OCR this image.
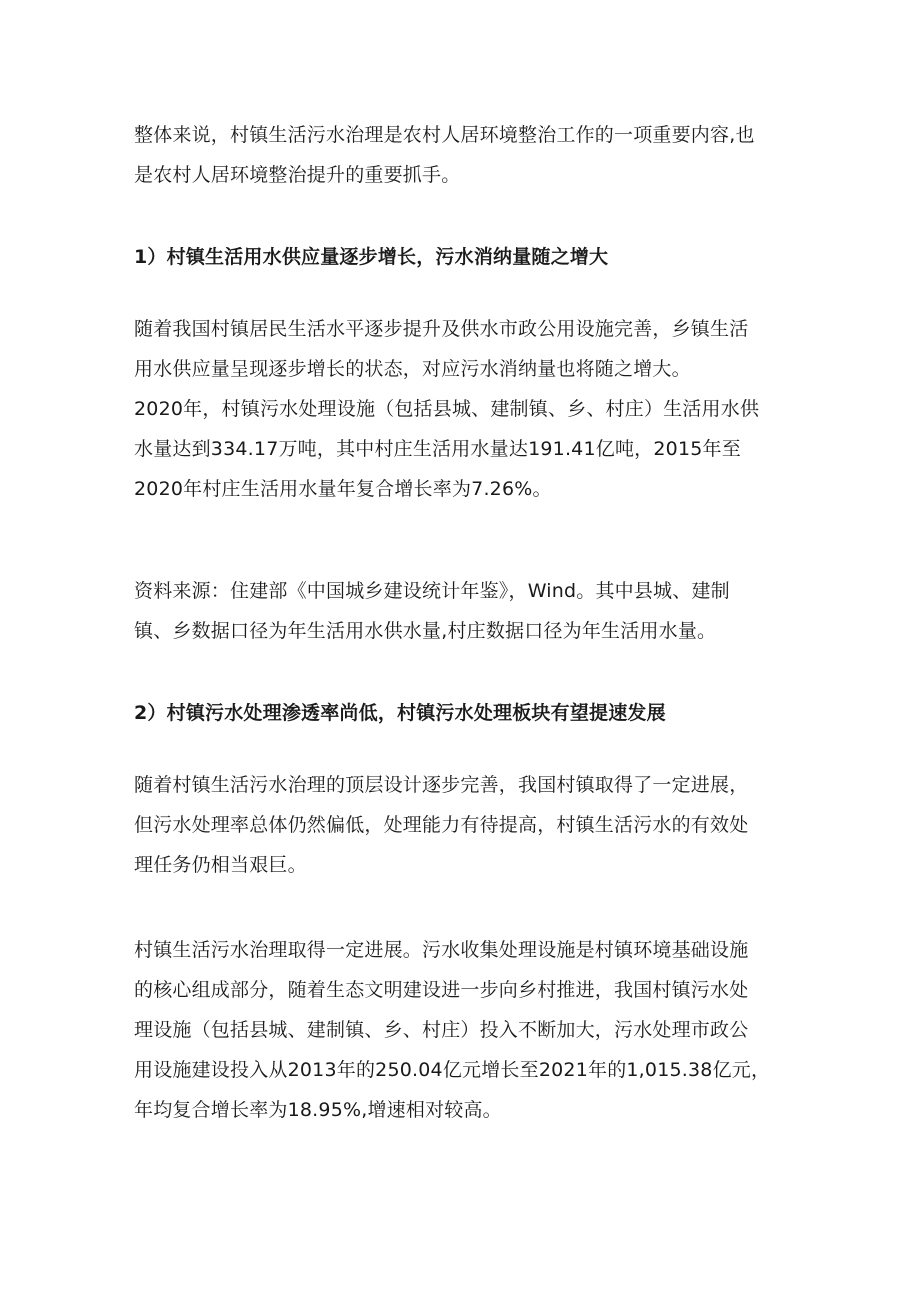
整体来说，村镇生活污水治理是农村人居环境整治工作的一项重要内容,也
是农村人居环境整治提升的重要抓手。
1）村镇生活用水供应量逐步增长，污水消纳量随之增大
随着我国村镇居民生活水平逐步提升及供水市政公用设施完善，乡镇生活
用水供应量呈现逐步增长的状态，对应污水消纳量也将随之增大。
2020年，村镇污水处理设施（包括县城、建制镇、乡、村庄）生活用水供
水量达到334.17万吨，其中村庄生活用水量达191.41亿吨，2015年至
2020年村庄生活用水量年复合增长率为7.26%。
资料来源：住建部《中国城乡建设统计年鉴》，Wind。其中县城、建制
镇、乡数据口径为年生活用水供水量,村庄数据口径为年生活用水量。
2）村镇污水处理渗透率尚低，村镇污水处理板块有望提速发展
随着村镇生活污水治理的顶层设计逐步完善，我国村镇取得了一定进展，
但污水处理率总体仍然偏低，处理能力有待提高，村镇生活污水的有效处
理任务仍相当艰巨。
村镇生活污水治理取得一定进展。污水收集处理设施是村镇环境基础设施
的核心组成部分，随着生态文明建设进一步向乡村推进，我国村镇污水处
理设施（包括县城、建制镇、乡、村庄）投入不断加大，污水处理市政公
用设施建设投入从2013年的250.04亿元增长至2021年的1,015.38亿元，
年均复合增长率为18.95%,增速相对较高。
